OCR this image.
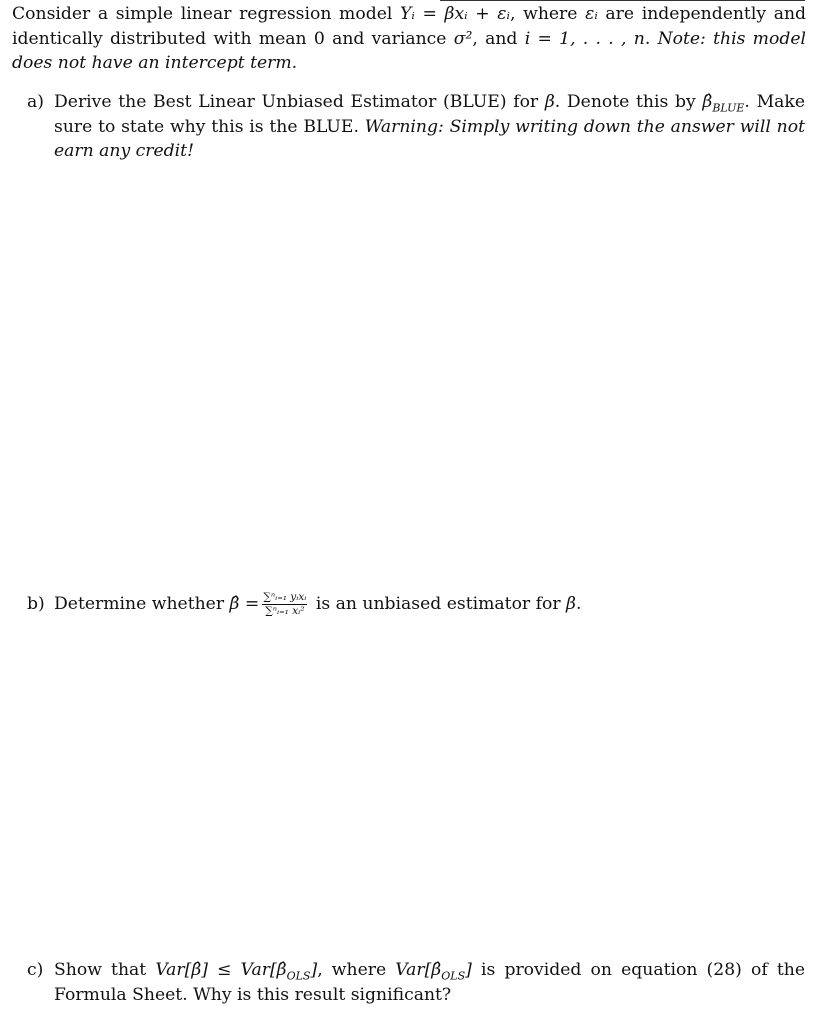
Consider a simple linear regression model Yᵢ = βxᵢ + εᵢ, where εᵢ are independently and identically distributed with mean 0 and variance σ², and i = 1, . . . , n. Note: this model does not have an intercept term.
a) Derive the Best Linear Unbiased Estimator (BLUE) for β. Denote this by $\betâ_{BLUE}$. Make sure to state why this is the BLUE. Warning: Simply writing down the answer will not earn any credit!
b) Determine whether β̂ = $\frac{\text{∑ⁿᵢ₌₁ yᵢxᵢ}}{\text{∑ⁿᵢ₌₁ xᵢ²}}$ is an unbiased estimator for β.
c) Show that Var[β̂] ≤ $Var[\betâ_{OLS}]$, where $Var[\betâ_{OLS}]$ is provided on equation (28) of the Formula Sheet. Why is this result significant?
